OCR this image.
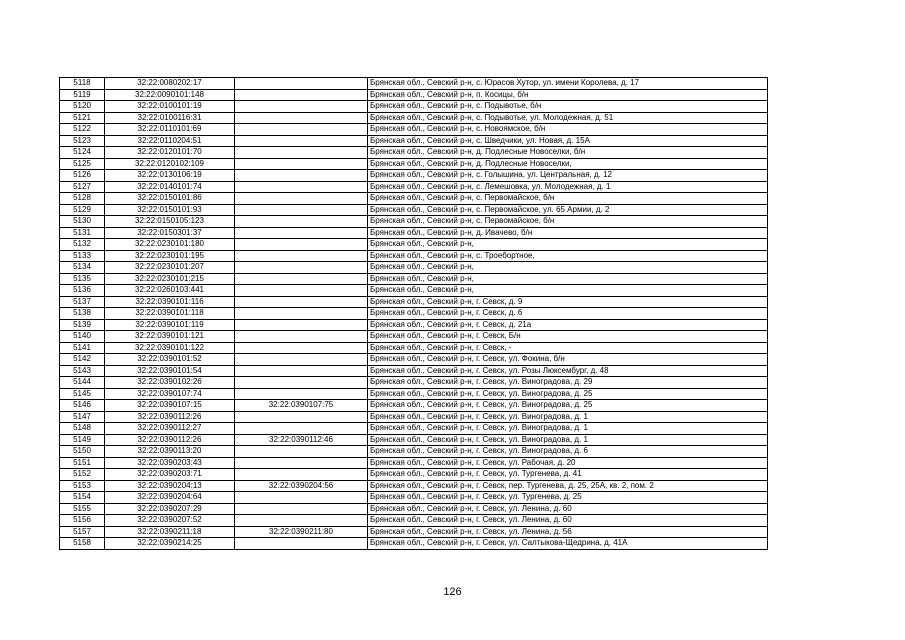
5118	32:22:0080202:17		Брянская обл., Севский р-н, с. Юрасов Хутор, ул. имени Королева, д. 17
5119	32:22:0090101:148		Брянская обл., Севский р-н, п. Косицы, б/н
5120	32:22:0100101:19		Брянская обл., Севский р-н, с. Подывотье, б/н
5121	32:22:0100116:31		Брянская обл., Севский р-н, с. Подывотье, ул. Молодежная, д. 51
5122	32:22:0110101:69		Брянская обл., Севский р-н, с. Новоямское, б/н
5123	32:22:0110204:51		Брянская обл., Севский р-н, с. Шведчики, ул. Новая, д. 15А
5124	32:22:0120101:70		Брянская обл., Севский р-н, д. Подлесные Новоселки, б/н
5125	32:22:0120102:109		Брянская обл., Севский р-н, д. Подлесные Новоселки,
5126	32:22:0130106:19		Брянская обл., Севский р-н, с. Голышина, ул. Центральная, д. 12
5127	32:22:0140101:74		Брянская обл., Севский р-н, с. Лемешовка, ул. Молодежная, д. 1
5128	32:22:0150101:86		Брянская обл., Севский р-н, с. Первомайское, б/н
5129	32:22:0150101:93		Брянская обл., Севский р-н, с. Первомайское, ул. 65 Армии, д. 2
5130	32:22:0150105:123		Брянская обл., Севский р-н, с. Первомайское, б/н
5131	32:22:0150301:37		Брянская обл., Севский р-н, д. Ивачево, б/н
5132	32:22:0230101:180		Брянская обл., Севский р-н,
5133	32:22:0230101:195		Брянская обл., Севский р-н, с. Троебортное,
5134	32:22:0230101:207		Брянская обл., Севский р-н,
5135	32:22:0230101:215		Брянская обл., Севский р-н,
5136	32:22:0260103:441		Брянская обл., Севский р-н,
5137	32:22:0390101:116		Брянская обл., Севский р-н, г. Севск, д. 9
5138	32:22:0390101:118		Брянская обл., Севский р-н, г. Севск, д. 6
5139	32:22:0390101:119		Брянская обл., Севский р-н, г. Севск, д. 21а
5140	32:22:0390101:121		Брянская обл., Севский р-н, г. Севск, Б/н
5141	32:22:0390101:122		Брянская обл., Севский р-н, г. Севск, -
5142	32:22:0390101:52		Брянская обл., Севский р-н, г. Севск, ул. Фокина, б/н
5143	32:22:0390101:54		Брянская обл., Севский р-н, г. Севск, ул. Розы Люксембург, д. 48
5144	32:22:0390102:26		Брянская обл., Севский р-н, г. Севск, ул. Виноградова, д. 29
5145	32:22:0390107:74		Брянская обл., Севский р-н, г. Севск, ул. Виноградова, д. 25
5146	32:22:0390107:15	32:22:0390107:75	Брянская обл., Севский р-н, г. Севск, ул. Виноградова, д. 25
5147	32:22:0390112:26		Брянская обл., Севский р-н, г. Севск, ул. Виноградова, д. 1
5148	32:22:0390112:27		Брянская обл., Севский р-н, г. Севск, ул. Виноградова, д. 1
5149	32:22:0390112:26	32:22:0390112:46	Брянская обл., Севский р-н, г. Севск, ул. Виноградова, д. 1
5150	32:22:0390113:20		Брянская обл., Севский р-н, г. Севск, ул. Виноградова, д. 6
5151	32:22:0390203:43		Брянская обл., Севский р-н, г. Севск, ул. Рабочая, д. 20
5152	32:22:0390203:71		Брянская обл., Севский р-н, г. Севск, ул. Тургенева, д. 41
5153	32:22:0390204:13	32:22:0390204:56	Брянская обл., Севский р-н, г. Севск, пер. Тургенева, д. 25, 25А, кв. 2, пом. 2
5154	32:22:0390204:64		Брянская обл., Севский р-н, г. Севск, ул. Тургенева, д. 25
5155	32:22:0390207:29		Брянская обл., Севский р-н, г. Севск, ул. Ленина, д. 60
5156	32:22:0390207:52		Брянская обл., Севский р-н, г. Севск, ул. Ленина, д. 60
5157	32:22:0390211:18	32:22:0390211:80	Брянская обл., Севский р-н, г. Севск, ул. Ленина, д. 56
5158	32:22:0390214:25		Брянская обл., Севский р-н, г. Севск, ул. Салтыкова-Щедрина, д. 41А
126
